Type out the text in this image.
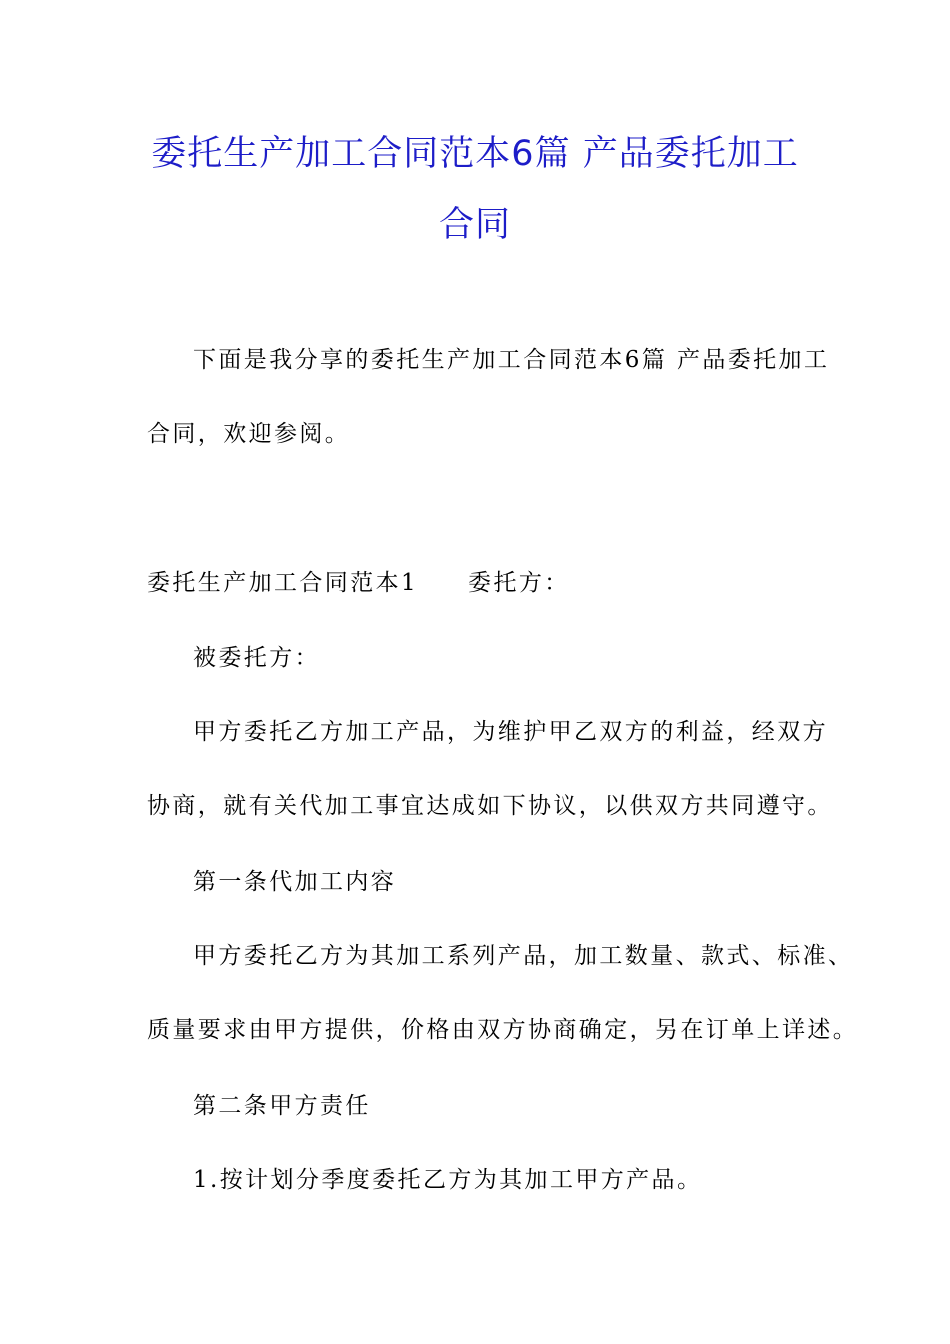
委托生产加工合同范本6篇 产品委托加工
合同
下面是我分享的委托生产加工合同范本6篇 产品委托加工
合同，欢迎参阅。
委托生产加工合同范本1 委托方：
被委托方：
甲方委托乙方加工产品，为维护甲乙双方的利益，经双方
协商，就有关代加工事宜达成如下协议，以供双方共同遵守。
第一条代加工内容
甲方委托乙方为其加工系列产品，加工数量、款式、标准、
质量要求由甲方提供，价格由双方协商确定，另在订单上详述。
第二条甲方责任
1.按计划分季度委托乙方为其加工甲方产品。
